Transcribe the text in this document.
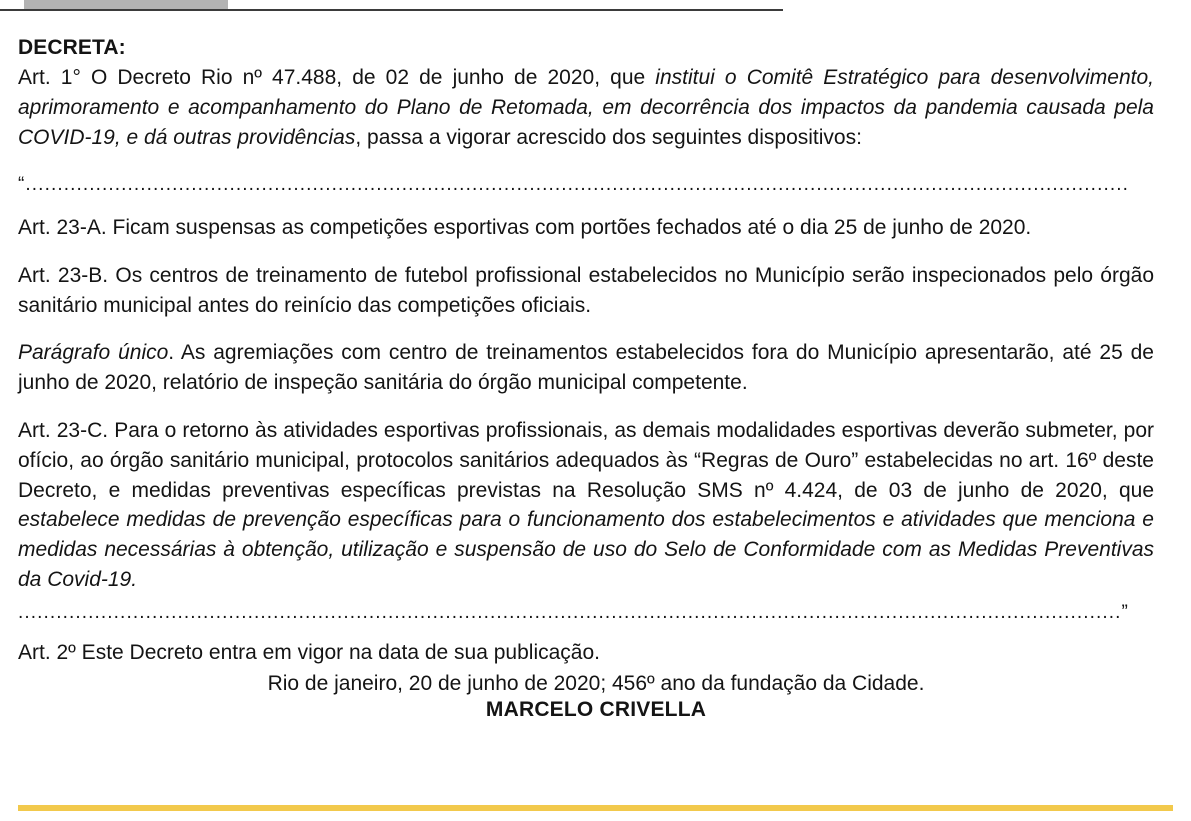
DECRETA:

Art. 1° O Decreto Rio nº 47.488, de 02 de junho de 2020, que institui o Comitê Estratégico para desenvolvimento, aprimoramento e acompanhamento do Plano de Retomada, em decorrência dos impactos da pandemia causada pela COVID-19, e dá outras providências, passa a vigorar acrescido dos seguintes dispositivos:

“.............................................................................................................................................................................

Art. 23-A. Ficam suspensas as competições esportivas com portões fechados até o dia 25 de junho de 2020.

Art. 23-B. Os centros de treinamento de futebol profissional estabelecidos no Município serão inspecionados pelo órgão sanitário municipal antes do reinício das competições oficiais.

Parágrafo único. As agremiações com centro de treinamentos estabelecidos fora do Município apresentarão, até 25 de junho de 2020, relatório de inspeção sanitária do órgão municipal competente.

Art. 23-C. Para o retorno às atividades esportivas profissionais, as demais modalidades esportivas deverão submeter, por ofício, ao órgão sanitário municipal, protocolos sanitários adequados às “Regras de Ouro” estabelecidas no art. 16º deste Decreto, e medidas preventivas específicas previstas na Resolução SMS nº 4.424, de 03 de junho de 2020, que estabelece medidas de prevenção específicas para o funcionamento dos estabelecimentos e atividades que menciona e medidas necessárias à obtenção, utilização e suspensão de uso do Selo de Conformidade com as Medidas Preventivas da Covid-19.

.............................................................................................................................................................................”

Art. 2º Este Decreto entra em vigor na data de sua publicação.

Rio de janeiro, 20 de junho de 2020; 456º ano da fundação da Cidade.

MARCELO CRIVELLA
